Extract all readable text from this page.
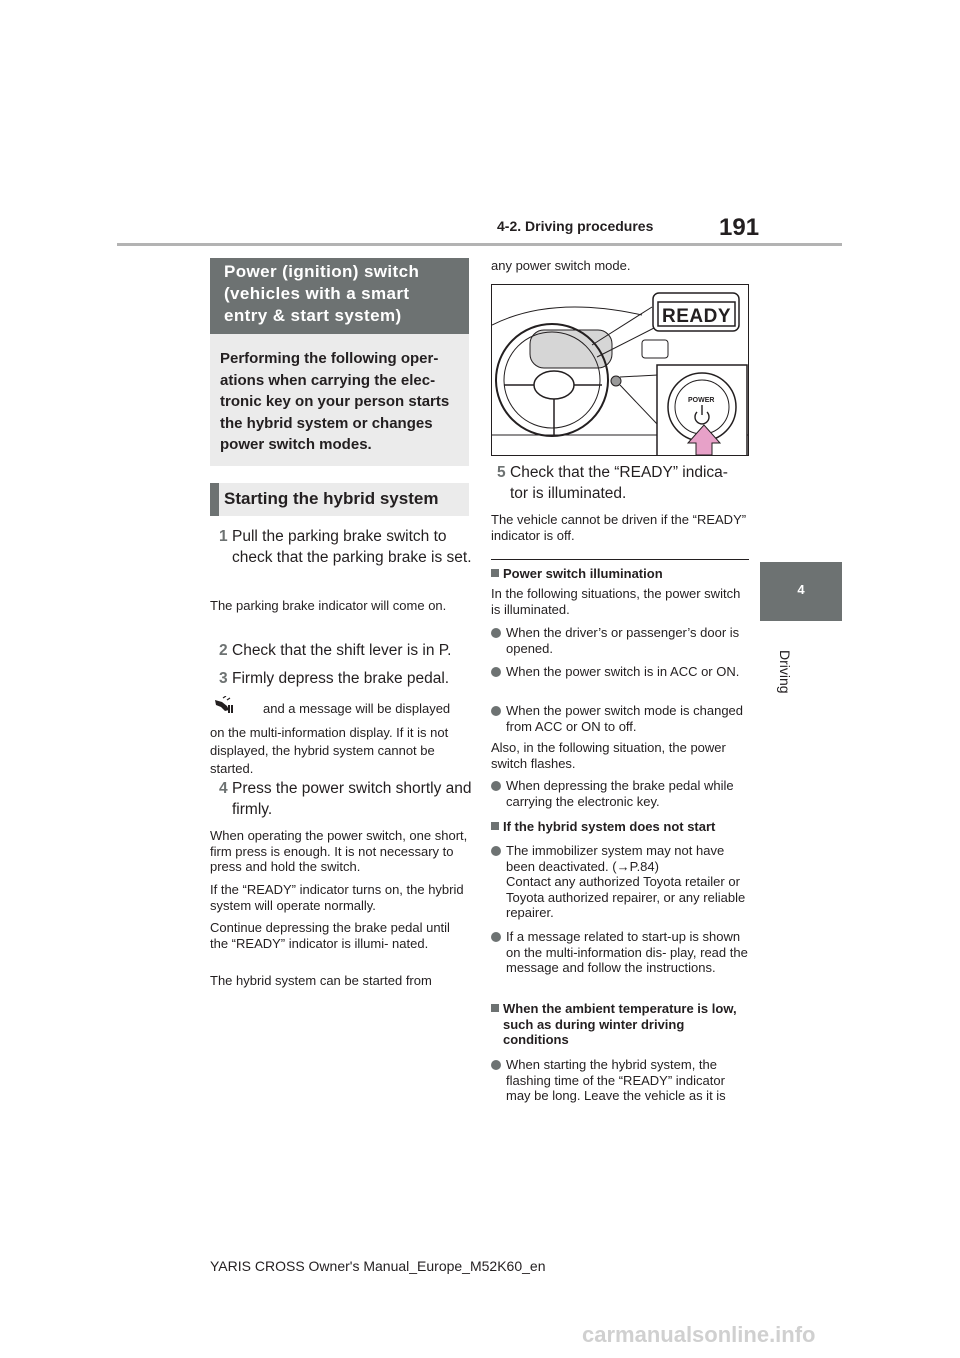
4-2. Driving procedures	191
4
Driving
Power (ignition) switch (vehicles with a smart entry & start system)
Performing the following oper- ations when carrying the elec- tronic key on your person starts the hybrid system or changes power switch modes.
Starting the hybrid system
1 Pull the parking brake switch to check that the parking brake is set.
The parking brake indicator will come on.
2 Check that the shift lever is in P.
3 Firmly depress the brake pedal.
and a message will be displayed
on the multi-information display. If it is not displayed, the hybrid system cannot be started.
4 Press the power switch shortly and firmly.
When operating the power switch, one short, firm press is enough. It is not necessary to press and hold the switch.
If the “READY” indicator turns on, the hybrid system will operate normally.
Continue depressing the brake pedal until the “READY” indicator is illumi- nated.
The hybrid system can be started from
any power switch mode.
READY
POWER
5 Check that the “READY” indica- tor is illuminated.
The vehicle cannot be driven if the “READY” indicator is off.
Power switch illumination
In the following situations, the power switch is illuminated.
When the driver’s or passenger’s door is opened.
When the power switch is in ACC or ON.
When the power switch mode is changed from ACC or ON to off.
Also, in the following situation, the power switch flashes.
When depressing the brake pedal while carrying the electronic key.
If the hybrid system does not start
The immobilizer system may not have been deactivated. (→P.84)
Contact any authorized Toyota retailer or Toyota authorized repairer, or any reliable repairer.
If a message related to start-up is shown on the multi-information dis- play, read the message and follow the instructions.
When the ambient temperature is low, such as during winter driving conditions
When starting the hybrid system, the flashing time of the “READY” indicator may be long. Leave the vehicle as it is
YARIS CROSS Owner's Manual_Europe_M52K60_en
carmanualsonline.info
